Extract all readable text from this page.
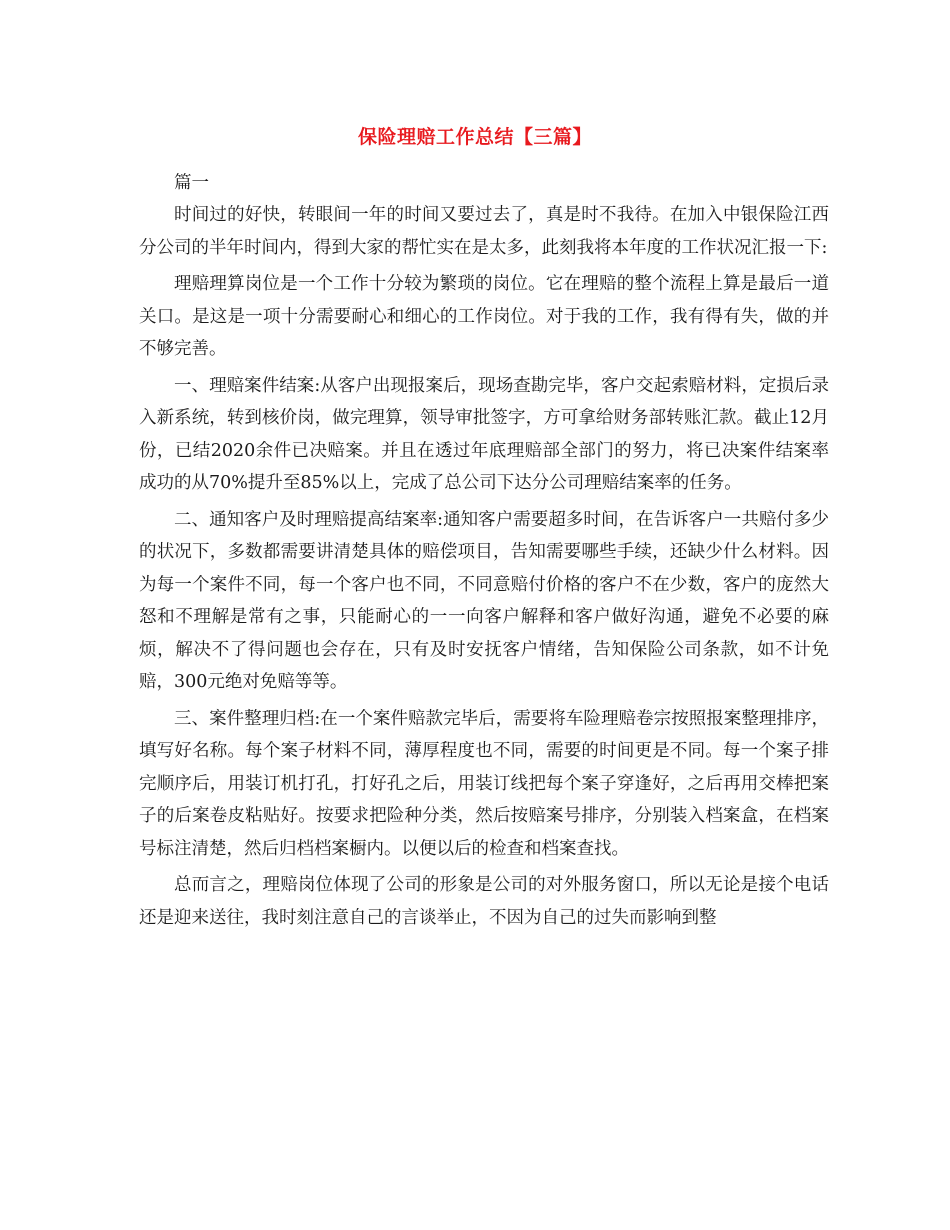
保险理赔工作总结【三篇】

篇一

时间过的好快，转眼间一年的时间又要过去了，真是时不我待。在加入中银保险江西分公司的半年时间内，得到大家的帮忙实在是太多，此刻我将本年度的工作状况汇报一下:

理赔理算岗位是一个工作十分较为繁琐的岗位。它在理赔的整个流程上算是最后一道关口。是这是一项十分需要耐心和细心的工作岗位。对于我的工作，我有得有失，做的并不够完善。

一、理赔案件结案:从客户出现报案后，现场查勘完毕，客户交起索赔材料，定损后录入新系统，转到核价岗，做完理算，领导审批签字，方可拿给财务部转账汇款。截止12月份，已结2020余件已决赔案。并且在透过年底理赔部全部门的努力，将已决案件结案率成功的从70%提升至85%以上，完成了总公司下达分公司理赔结案率的任务。

二、通知客户及时理赔提高结案率:通知客户需要超多时间，在告诉客户一共赔付多少的状况下，多数都需要讲清楚具体的赔偿项目，告知需要哪些手续，还缺少什么材料。因为每一个案件不同，每一个客户也不同，不同意赔付价格的客户不在少数，客户的庞然大怒和不理解是常有之事，只能耐心的一一向客户解释和客户做好沟通，避免不必要的麻烦，解决不了得问题也会存在，只有及时安抚客户情绪，告知保险公司条款，如不计免赔，300元绝对免赔等等。

三、案件整理归档:在一个案件赔款完毕后，需要将车险理赔卷宗按照报案整理排序，填写好名称。每个案子材料不同，薄厚程度也不同，需要的时间更是不同。每一个案子排完顺序后，用装订机打孔，打好孔之后，用装订线把每个案子穿逢好，之后再用交棒把案子的后案卷皮粘贴好。按要求把险种分类，然后按赔案号排序，分别装入档案盒，在档案号标注清楚，然后归档档案橱内。以便以后的检查和档案查找。

总而言之，理赔岗位体现了公司的形象是公司的对外服务窗口，所以无论是接个电话还是迎来送往，我时刻注意自己的言谈举止，不因为自己的过失而影响到整
